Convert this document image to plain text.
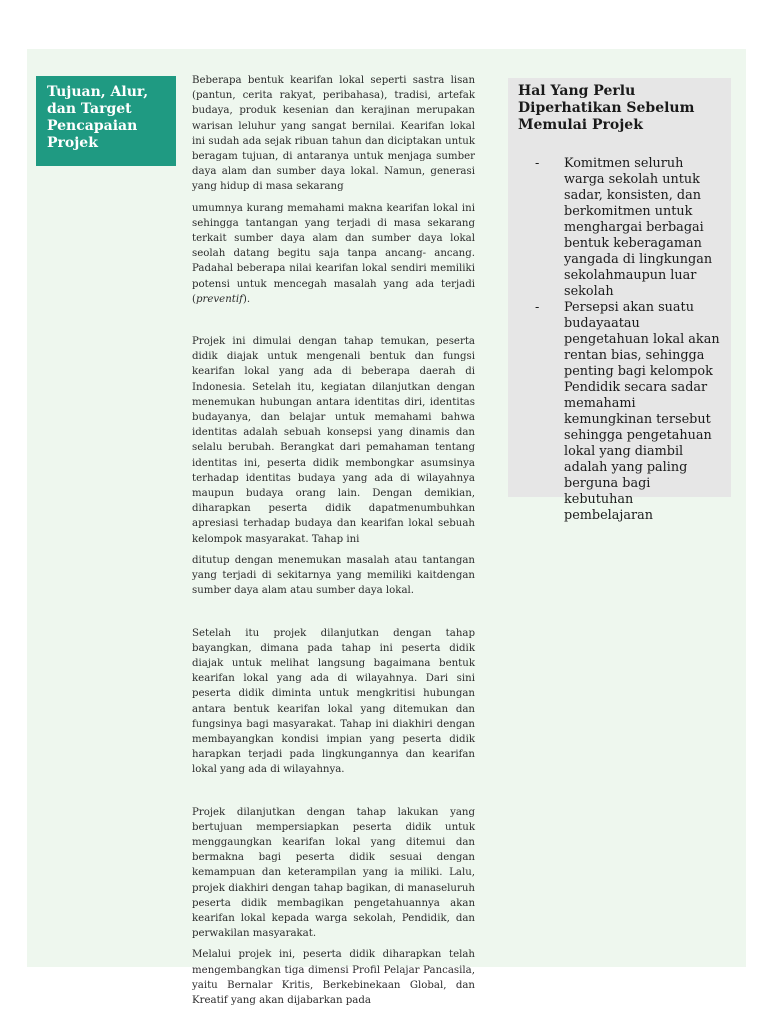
Tujuan, Alur, dan Target Pencapaian Projek

Beberapa bentuk kearifan lokal seperti sastra lisan (pantun, cerita rakyat, peribahasa), tradisi, artefak budaya, produk kesenian dan kerajinan merupakan warisan leluhur yang sangat bernilai. Kearifan lokal ini sudah ada sejak ribuan tahun dan diciptakan untuk beragam tujuan, di antaranya untuk menjaga sumber daya alam dan sumber daya lokal. Namun, generasi yang hidup di masa sekarang

umumnya kurang memahami makna kearifan lokal ini sehingga tantangan yang terjadi di masa sekarang terkait sumber daya alam dan sumber daya lokal seolah datang begitu saja tanpa ancang- ancang. Padahal beberapa nilai kearifan lokal sendiri memiliki potensi untuk mencegah masalah yang ada terjadi (preventif).

Projek ini dimulai dengan tahap temukan, peserta didik diajak untuk mengenali bentuk dan fungsi kearifan lokal yang ada di beberapa daerah di Indonesia. Setelah itu, kegiatan dilanjutkan dengan menemukan hubungan antara identitas diri, identitas budayanya, dan belajar untuk memahami bahwa identitas adalah sebuah konsepsi yang dinamis dan selalu berubah. Berangkat dari pemahaman tentang identitas ini, peserta didik membongkar asumsinya terhadap identitas budaya yang ada di wilayahnya maupun budaya orang lain. Dengan demikian, diharapkan peserta didik dapatmenumbuhkan apresiasi terhadap budaya dan kearifan lokal sebuah kelompok masyarakat. Tahap ini

ditutup dengan menemukan masalah atau tantangan yang terjadi di sekitarnya yang memiliki kaitdengan sumber daya alam atau sumber daya lokal.

Setelah itu projek dilanjutkan dengan tahap bayangkan, dimana pada tahap ini peserta didik diajak untuk melihat langsung bagaimana bentuk kearifan lokal yang ada di wilayahnya. Dari sini peserta didik diminta untuk mengkritisi hubungan antara bentuk kearifan lokal yang ditemukan dan fungsinya bagi masyarakat. Tahap ini diakhiri dengan membayangkan kondisi impian yang peserta didik harapkan terjadi pada lingkungannya dan kearifan lokal yang ada di wilayahnya.

Projek dilanjutkan dengan tahap lakukan yang bertujuan mempersiapkan peserta didik untuk menggaungkan kearifan lokal yang ditemui dan bermakna bagi peserta didik sesuai dengan kemampuan dan keterampilan yang ia miliki. Lalu, projek diakhiri dengan tahap bagikan, di manaseluruh peserta didik membagikan pengetahuannya akan kearifan lokal kepada warga sekolah, Pendidik, dan perwakilan masyarakat.

Melalui projek ini, peserta didik diharapkan telah mengembangkan tiga dimensi Profil Pelajar Pancasila, yaitu Bernalar Kritis, Berkebinekaan Global, dan Kreatif yang akan dijabarkan pada

Hal Yang Perlu Diperhatikan Sebelum Memulai Projek
- Komitmen seluruh warga sekolah untuk sadar, konsisten, dan berkomitmen untuk menghargai berbagai bentuk keberagaman yangada di lingkungan sekolahmaupun luar sekolah
- Persepsi akan suatu budayaatau pengetahuan lokal akan rentan bias, sehingga penting bagi kelompok Pendidik secara sadar memahami kemungkinan tersebut sehingga pengetahuan lokal yang diambil adalah yang paling berguna bagi kebutuhan pembelajaran
